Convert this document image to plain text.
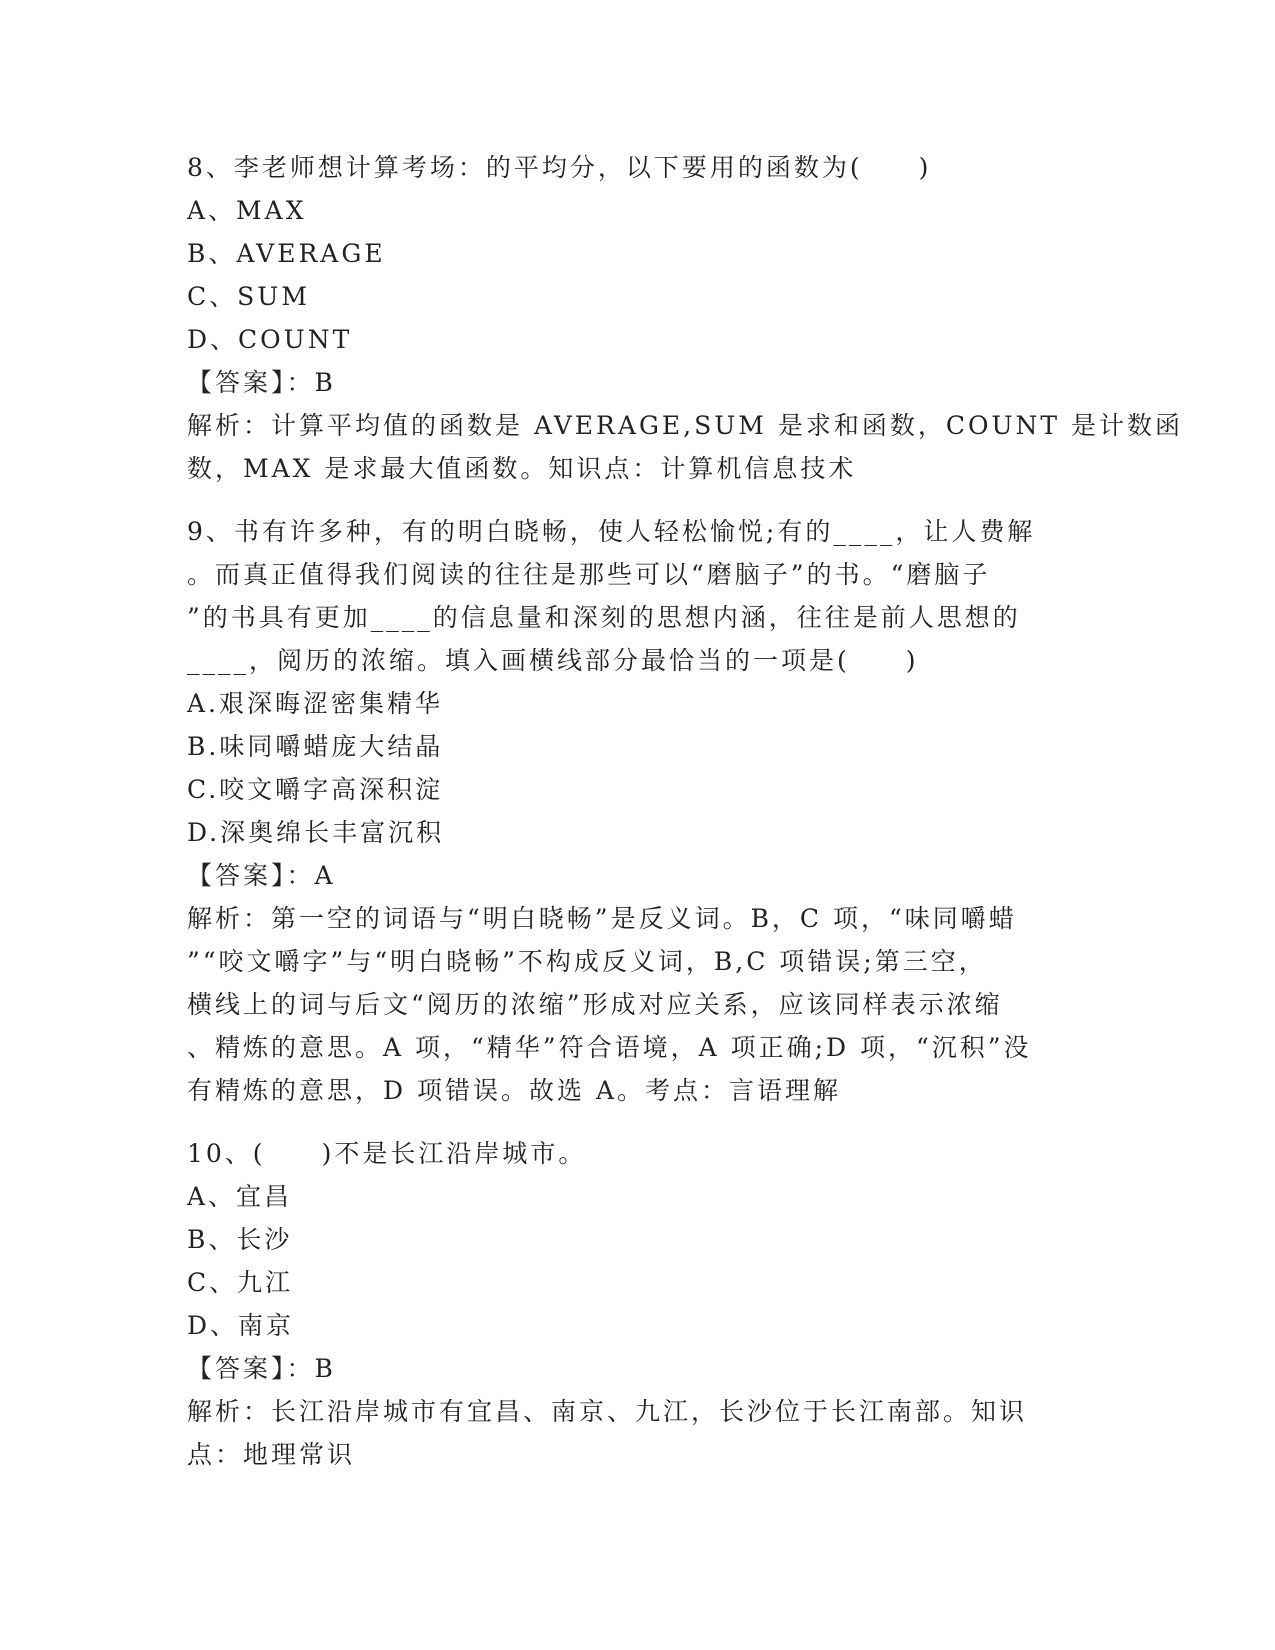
8、李老师想计算考场：的平均分，以下要用的函数为(　　)
A、MAX
B、AVERAGE
C、SUM
D、COUNT
【答案】：B
解析：计算平均值的函数是 AVERAGE,SUM 是求和函数，COUNT 是计数函
数，MAX 是求最大值函数。知识点：计算机信息技术
9、书有许多种，有的明白晓畅，使人轻松愉悦;有的____，让人费解
。而真正值得我们阅读的往往是那些可以“磨脑子”的书。“磨脑子
”的书具有更加____的信息量和深刻的思想内涵，往往是前人思想的
____，阅历的浓缩。填入画横线部分最恰当的一项是(　　)
A.艰深晦涩密集精华
B.味同嚼蜡庞大结晶
C.咬文嚼字高深积淀
D.深奥绵长丰富沉积
【答案】：A
解析：第一空的词语与“明白晓畅”是反义词。B，C 项，“味同嚼蜡
”“咬文嚼字”与“明白晓畅”不构成反义词，B,C 项错误;第三空，
横线上的词与后文“阅历的浓缩”形成对应关系，应该同样表示浓缩
、精炼的意思。A 项，“精华”符合语境，A 项正确;D 项，“沉积”没
有精炼的意思，D 项错误。故选 A。考点：言语理解
10、(　　)不是长江沿岸城市。
A、宜昌
B、长沙
C、九江
D、南京
【答案】：B
解析：长江沿岸城市有宜昌、南京、九江，长沙位于长江南部。知识
点：地理常识
